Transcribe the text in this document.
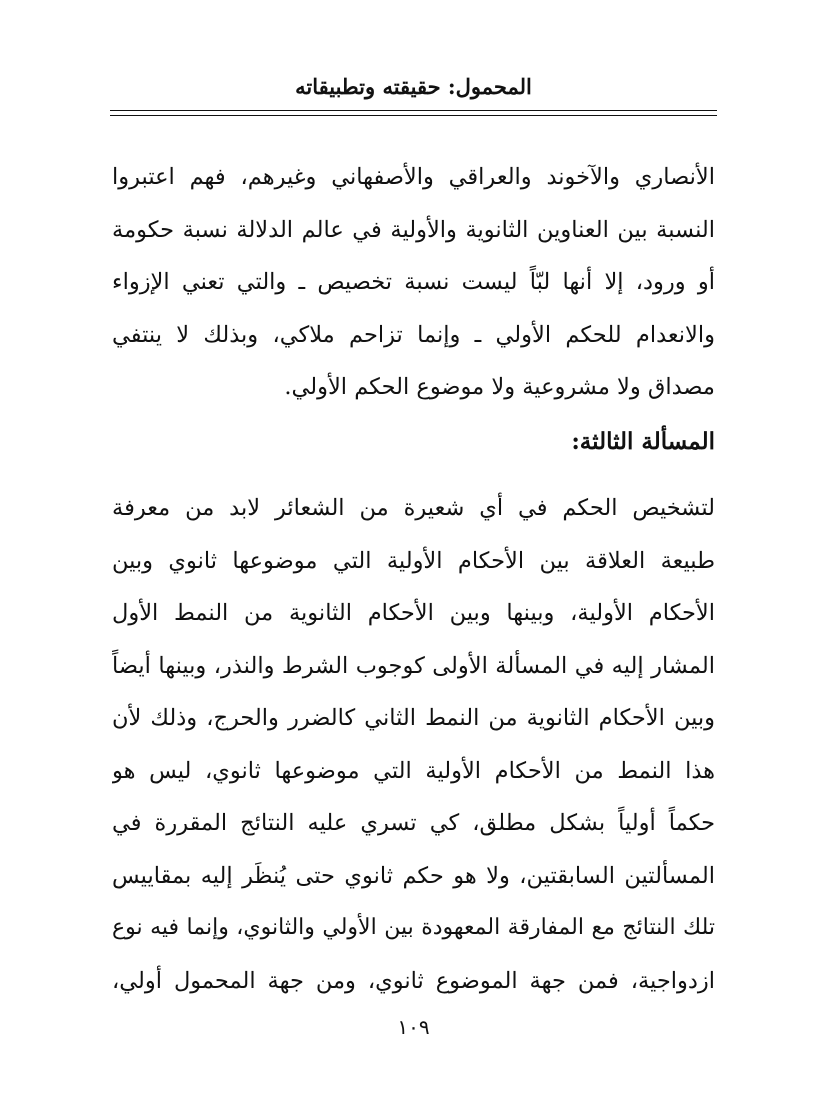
المحمول: حقيقته وتطبيقاته
الأنصاري والآخوند والعراقي والأصفهاني وغيرهم، فهم اعتبروا
النسبة بين العناوين الثانوية والأولية في عالم الدلالة نسبة حكومة
أو ورود، إلا أنها لبّاً ليست نسبة تخصيص ـ والتي تعني الإزواء
والانعدام للحكم الأولي ـ وإنما تزاحم ملاكي، وبذلك لا ينتفي
مصداق ولا مشروعية ولا موضوع الحكم الأولي.
المسألة الثالثة:
لتشخيص الحكم في أي شعيرة من الشعائر لابد من معرفة
طبيعة العلاقة بين الأحكام الأولية التي موضوعها ثانوي وبين
الأحكام الأولية، وبينها وبين الأحكام الثانوية من النمط الأول
المشار إليه في المسألة الأولى كوجوب الشرط والنذر، وبينها أيضاً
وبين الأحكام الثانوية من النمط الثاني كالضرر والحرج، وذلك لأن
هذا النمط من الأحكام الأولية التي موضوعها ثانوي، ليس هو
حكماً أولياً بشكل مطلق، كي تسري عليه النتائج المقررة في
المسألتين السابقتين، ولا هو حكم ثانوي حتى يُنظَر إليه بمقاييس
تلك النتائج مع المفارقة المعهودة بين الأولي والثانوي، وإنما فيه نوع
ازدواجية، فمن جهة الموضوع ثانوي، ومن جهة المحمول أولي،
١٠٩
